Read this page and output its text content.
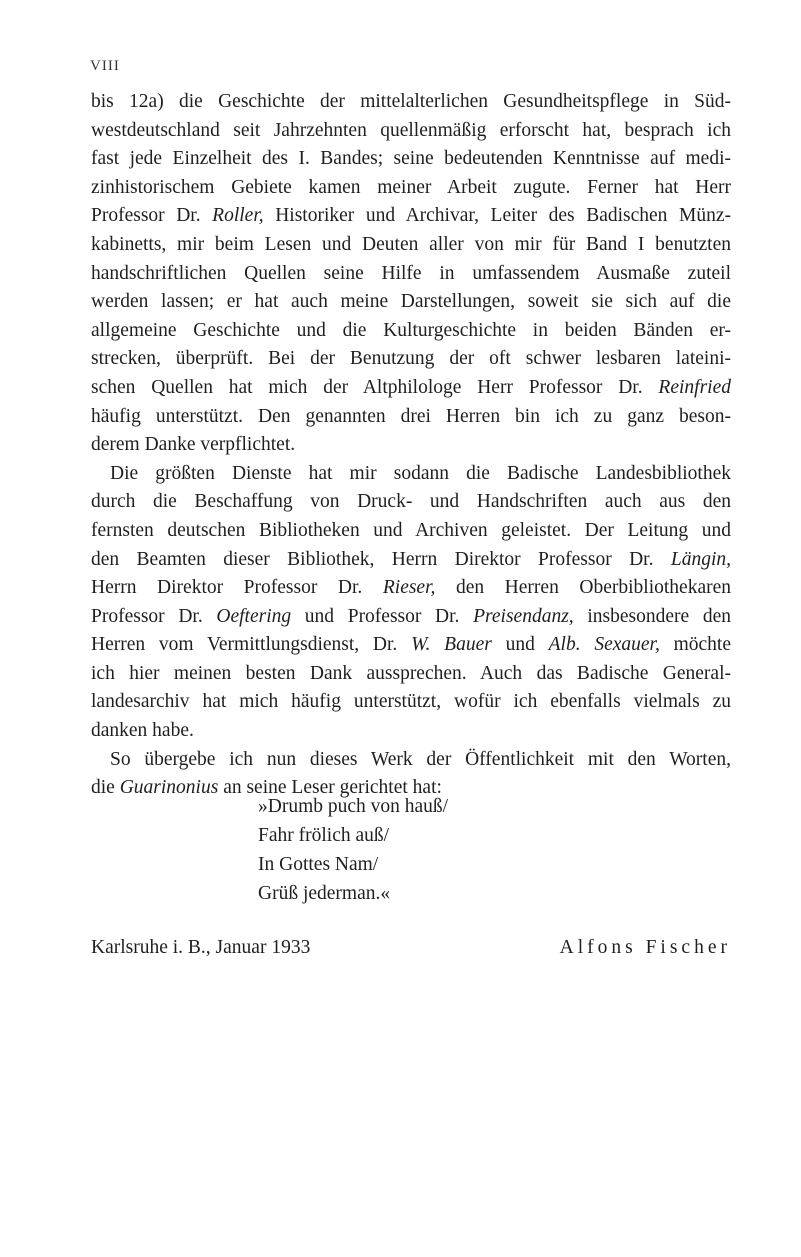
VIII
bis 12a) die Geschichte der mittelalterlichen Gesundheitspflege in Süd-
westdeutschland seit Jahrzehnten quellenmäßig erforscht hat, besprach ich
fast jede Einzelheit des I. Bandes; seine bedeutenden Kenntnisse auf medi-
zinhistorischem Gebiete kamen meiner Arbeit zugute. Ferner hat Herr
Professor Dr. Roller, Historiker und Archivar, Leiter des Badischen Münz-
kabinetts, mir beim Lesen und Deuten aller von mir für Band I benutzten
handschriftlichen Quellen seine Hilfe in umfassendem Ausmaße zuteil
werden lassen; er hat auch meine Darstellungen, soweit sie sich auf die
allgemeine Geschichte und die Kulturgeschichte in beiden Bänden er-
strecken, überprüft. Bei der Benutzung der oft schwer lesbaren lateini-
schen Quellen hat mich der Altphilologe Herr Professor Dr. Reinfried
häufig unterstützt. Den genannten drei Herren bin ich zu ganz beson-
derem Danke verpflichtet.
Die größten Dienste hat mir sodann die Badische Landesbibliothek
durch die Beschaffung von Druck- und Handschriften auch aus den
fernsten deutschen Bibliotheken und Archiven geleistet. Der Leitung und
den Beamten dieser Bibliothek, Herrn Direktor Professor Dr. Längin,
Herrn Direktor Professor Dr. Rieser, den Herren Oberbibliothekaren
Professor Dr. Oeftering und Professor Dr. Preisendanz, insbesondere den
Herren vom Vermittlungsdienst, Dr. W. Bauer und Alb. Sexauer, möchte
ich hier meinen besten Dank aussprechen. Auch das Badische General-
landesarchiv hat mich häufig unterstützt, wofür ich ebenfalls vielmals zu
danken habe.
So übergebe ich nun dieses Werk der Öffentlichkeit mit den Worten,
die Guarinonius an seine Leser gerichtet hat:
»Drumb puch von hauß/
Fahr frölich auß/
In Gottes Nam/
Grüß jederman.«
Karlsruhe i. B., Januar 1933	Alfons Fischer
